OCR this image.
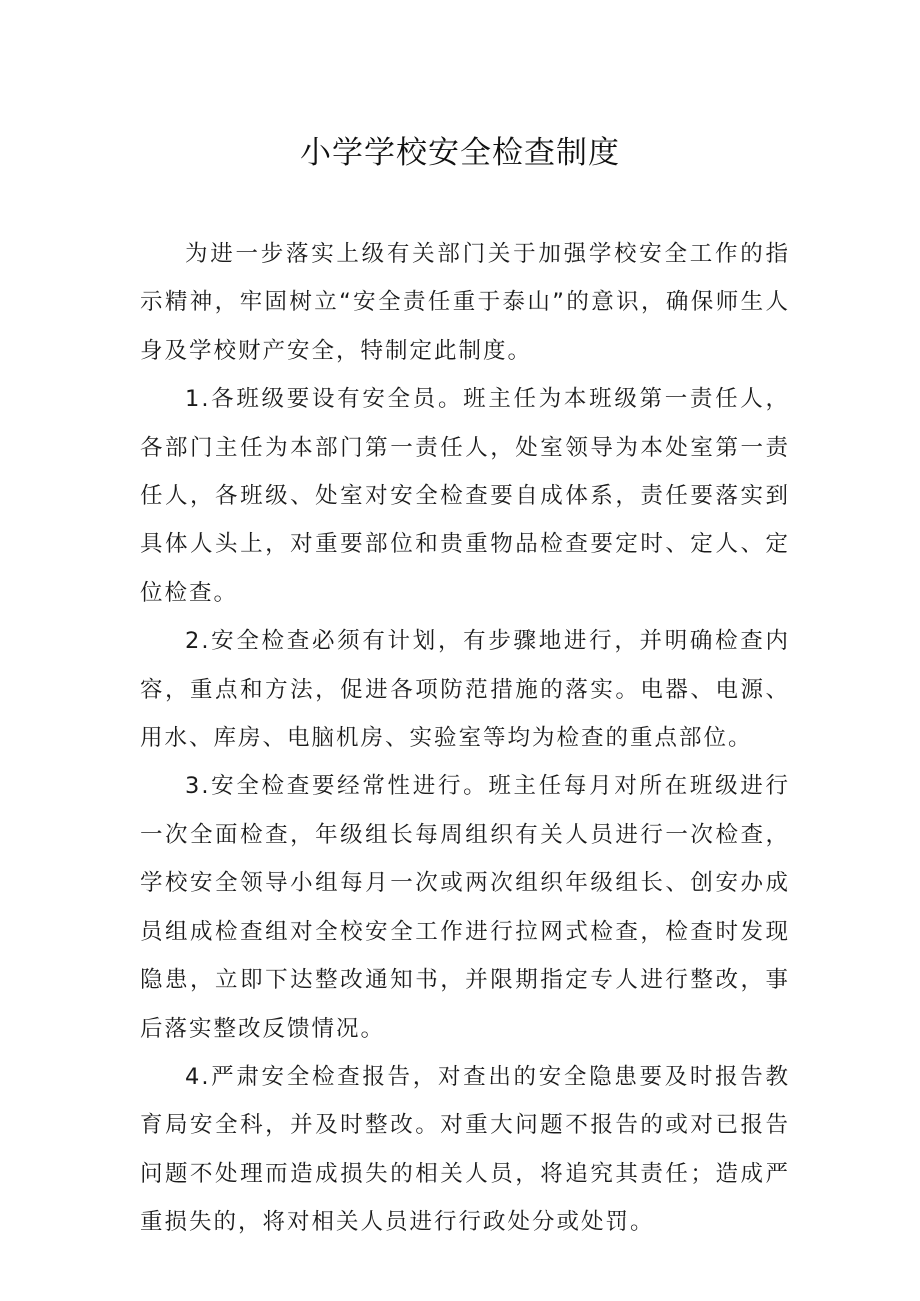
小学学校安全检查制度

为进一步落实上级有关部门关于加强学校安全工作的指示精神，牢固树立“安全责任重于泰山”的意识，确保师生人身及学校财产安全，特制定此制度。

1.各班级要设有安全员。班主任为本班级第一责任人，各部门主任为本部门第一责任人，处室领导为本处室第一责任人，各班级、处室对安全检查要自成体系，责任要落实到具体人头上，对重要部位和贵重物品检查要定时、定人、定位检查。

2.安全检查必须有计划，有步骤地进行，并明确检查内容，重点和方法，促进各项防范措施的落实。电器、电源、用水、库房、电脑机房、实验室等均为检查的重点部位。

3.安全检查要经常性进行。班主任每月对所在班级进行一次全面检查，年级组长每周组织有关人员进行一次检查，学校安全领导小组每月一次或两次组织年级组长、创安办成员组成检查组对全校安全工作进行拉网式检查，检查时发现隐患，立即下达整改通知书，并限期指定专人进行整改，事后落实整改反馈情况。

4.严肃安全检查报告，对查出的安全隐患要及时报告教育局安全科，并及时整改。对重大问题不报告的或对已报告问题不处理而造成损失的相关人员，将追究其责任；造成严重损失的，将对相关人员进行行政处分或处罚。
